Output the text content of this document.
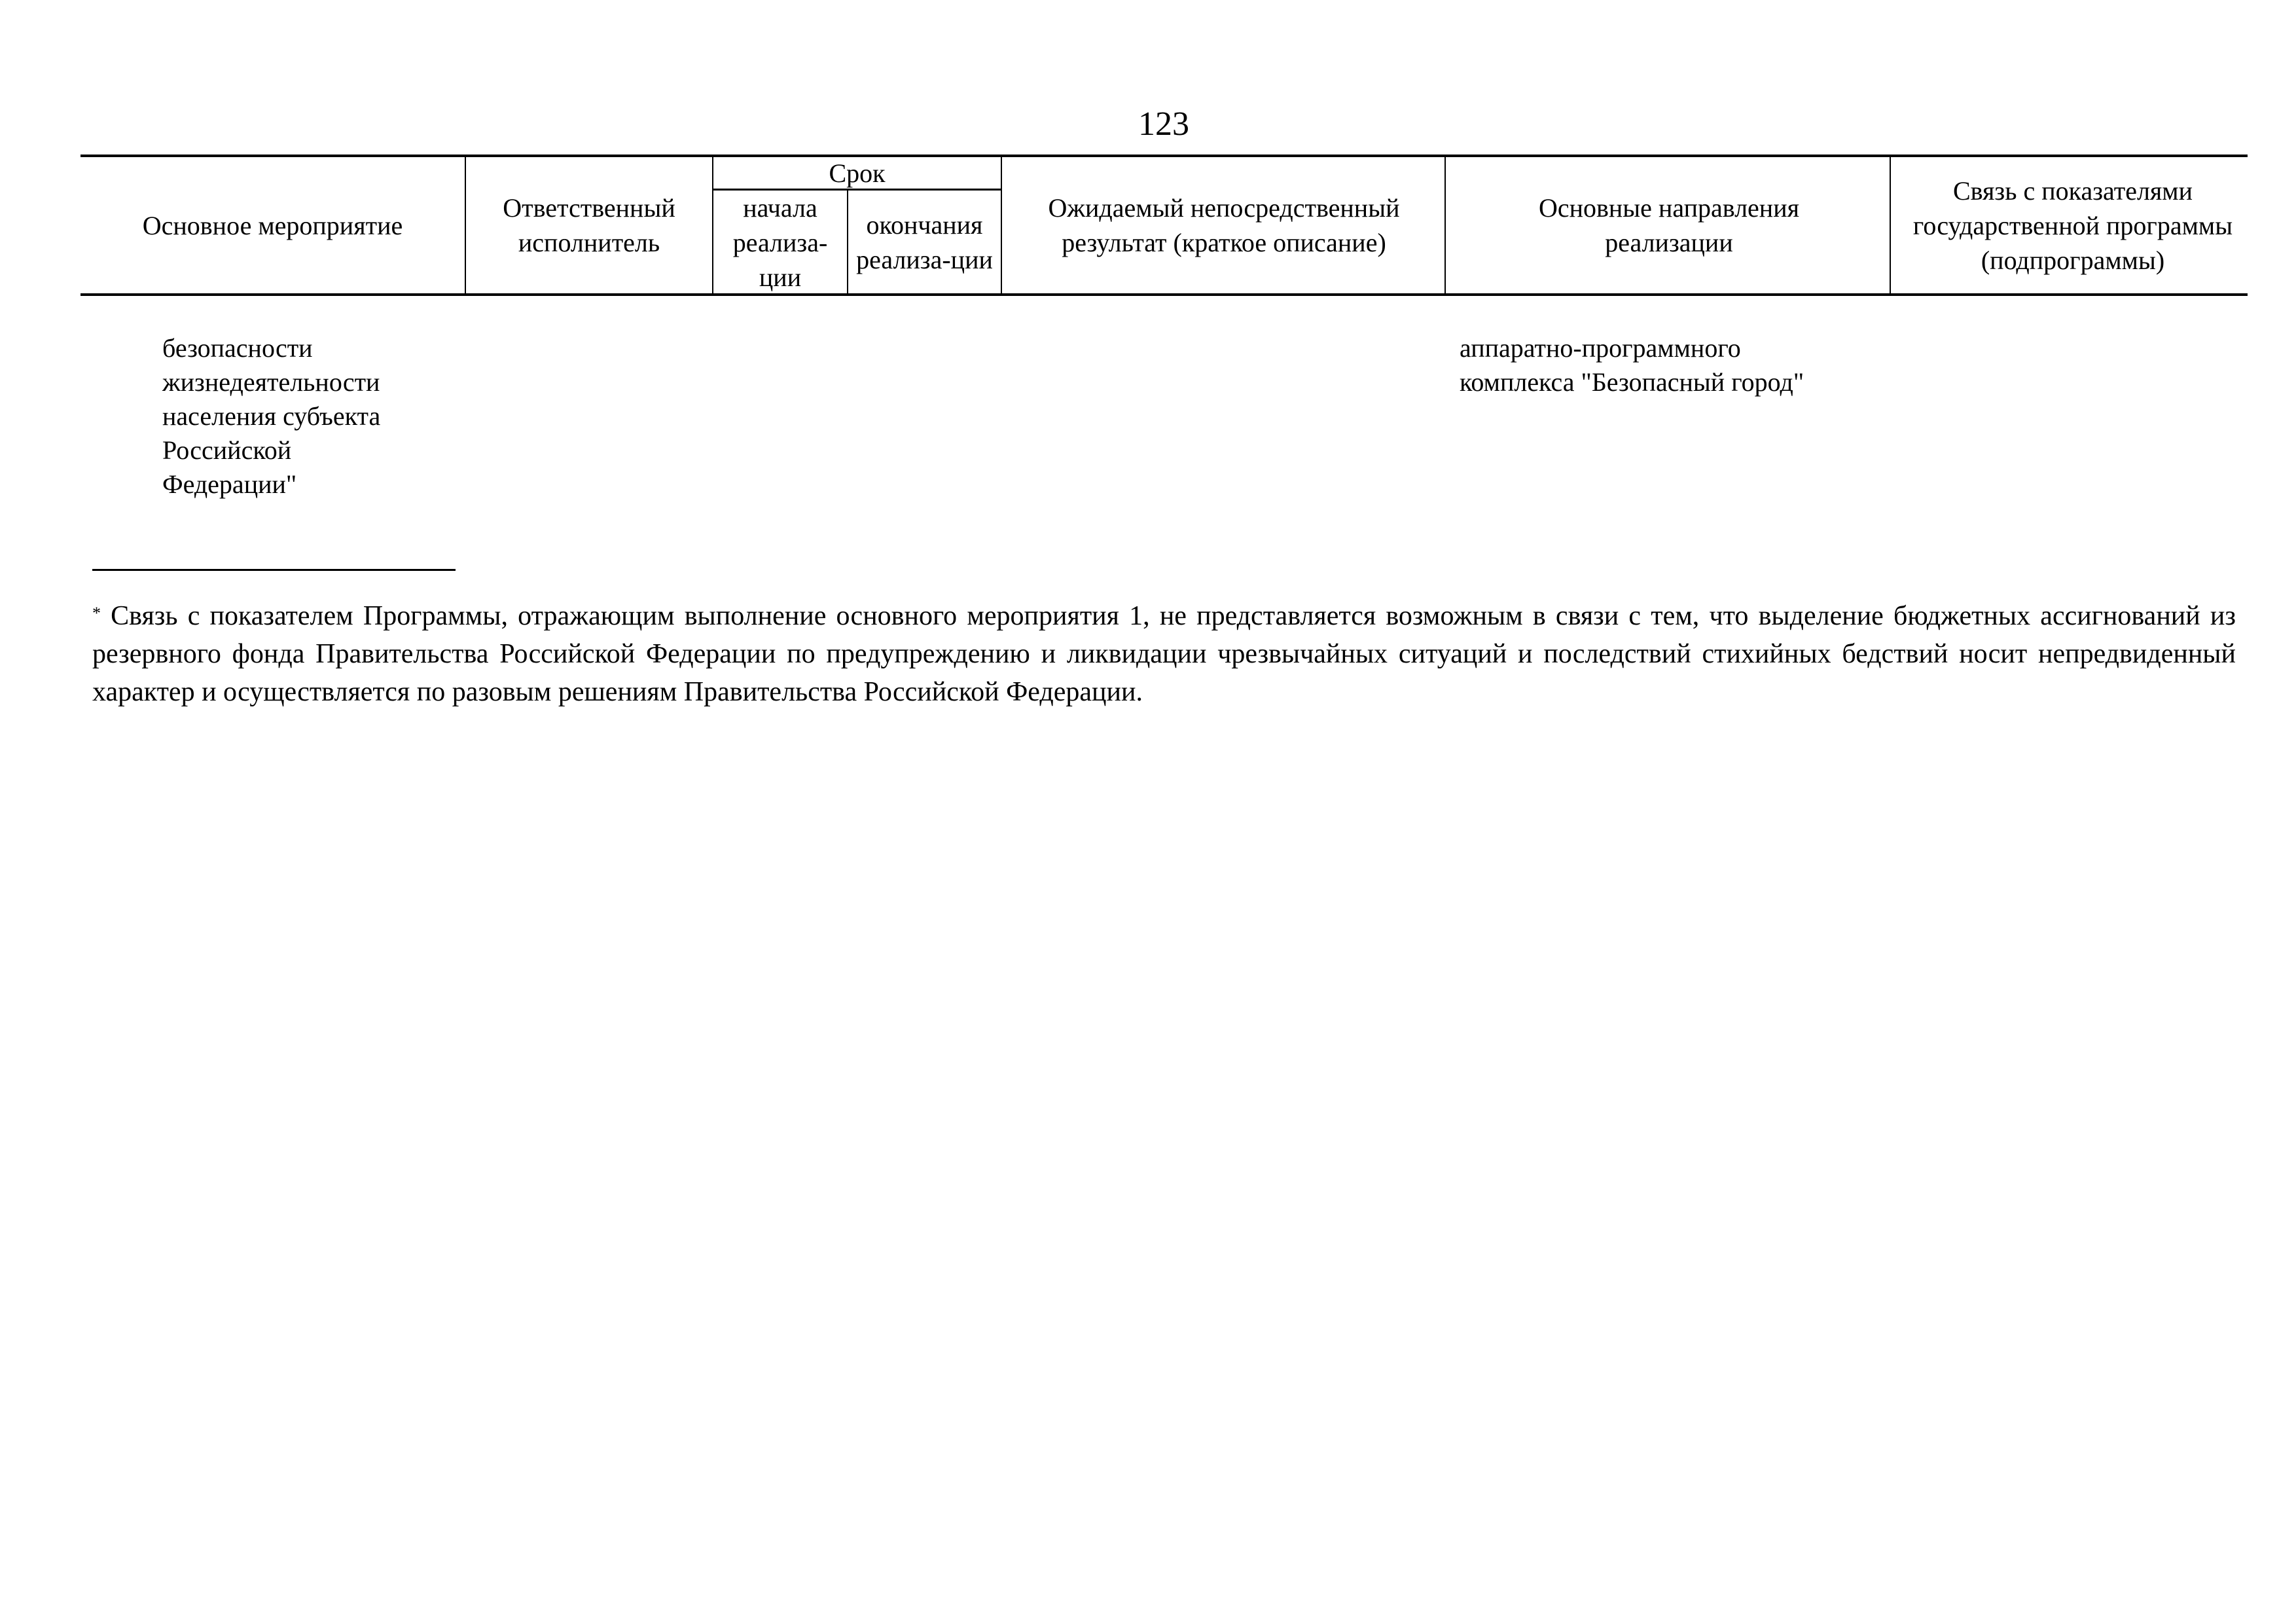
123
Основное мероприятие
Ответственный исполнитель
Срок
начала реализа-ции
окончания реализа-ции
Ожидаемый непосредственный результат (краткое описание)
Основные направления реализации
Связь с показателями государственной программы (подпрограммы)
безопасности
жизнедеятельности
населения субъекта
Российской
Федерации"
аппаратно-программного
комплекса "Безопасный город"
* Связь с показателем Программы, отражающим выполнение основного мероприятия 1, не представляется возможным в связи с тем, что выделение бюджетных ассигнований из резервного фонда Правительства Российской Федерации по предупреждению и ликвидации чрезвычайных ситуаций и последствий стихийных бедствий носит непредвиденный характер и осуществляется по разовым решениям Правительства Российской Федерации.
